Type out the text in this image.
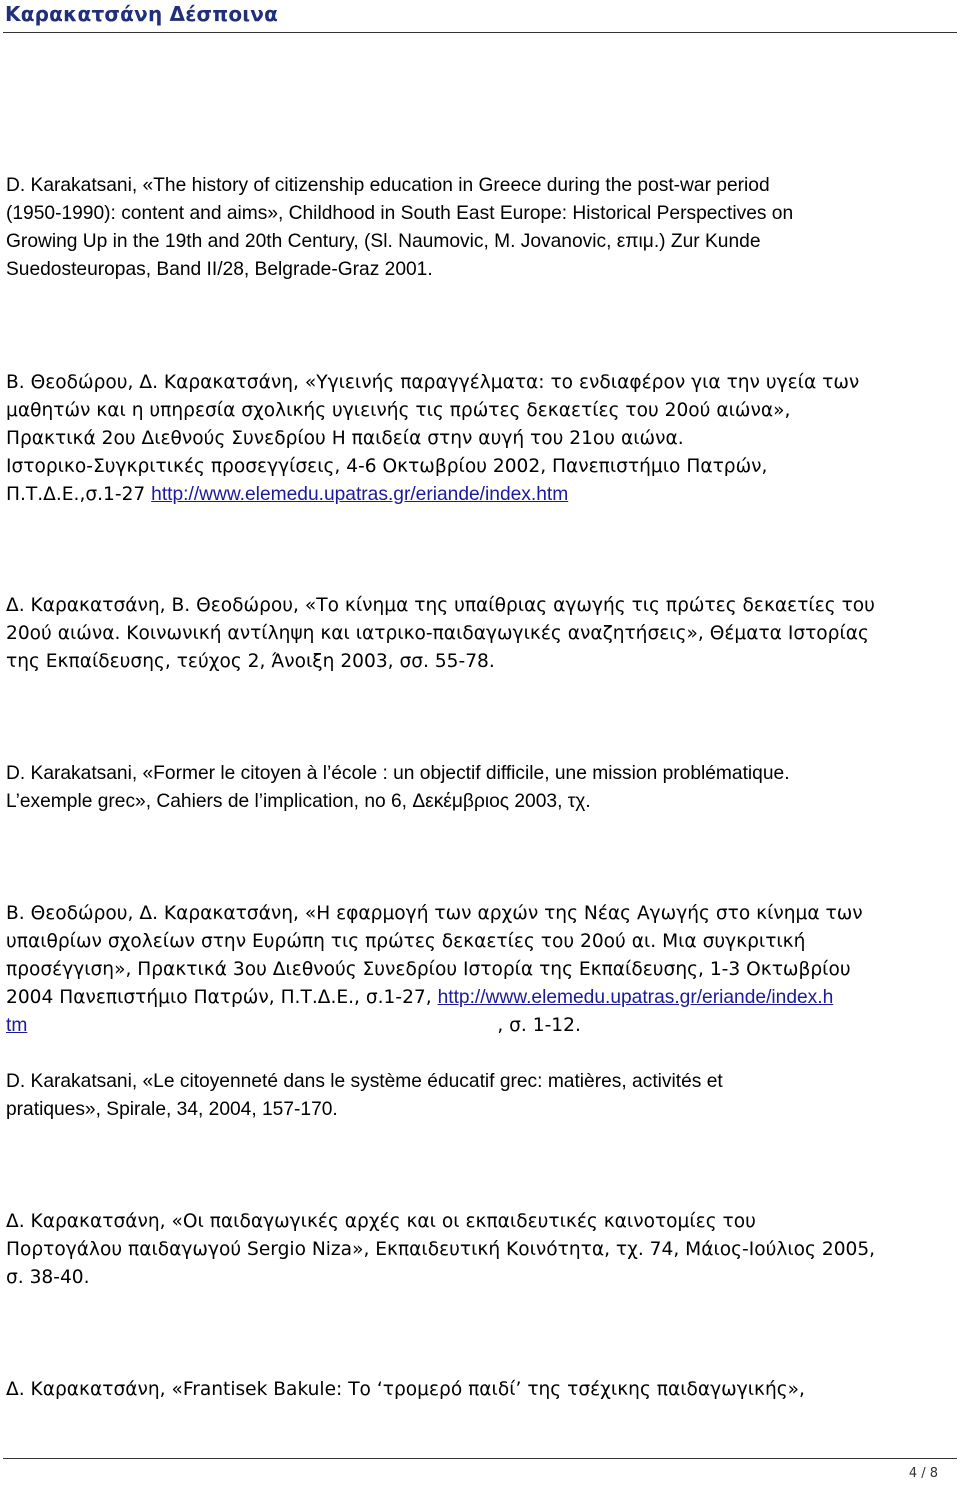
Καρακατσάνη Δέσποινα
D. Karakatsani, «The history of citizenship education in Greece during the post-war period
(1950-1990): content and aims», Childhood in South East Europe: Historical Perspectives on
Growing Up in the 19th and 20th Century, (Sl. Naumovic, M. Jovanovic, επιμ.) Zur Kunde
Suedosteuropas, Band II/28, Belgrade-Graz 2001.
Β. Θεοδώρου, Δ. Καρακατσάνη, «Υγιεινής παραγγέλματα: το ενδιαφέρον για την υγεία των
μαθητών και η υπηρεσία σχολικής υγιεινής τις πρώτες δεκαετίες του 20ού αιώνα»,
Πρακτικά 2ου Διεθνούς Συνεδρίου Η παιδεία στην αυγή του 21ου αιώνα.
Ιστορικο-Συγκριτικές προσεγγίσεις, 4-6 Οκτωβρίου 2002, Πανεπιστήμιο Πατρών,
Π.Τ.Δ.Ε.,σ.1-27 http://www.elemedu.upatras.gr/eriande/index.htm
Δ. Καρακατσάνη, Β. Θεοδώρου, «Το κίνημα της υπαίθριας αγωγής τις πρώτες δεκαετίες του
20ού αιώνα. Κοινωνική αντίληψη και ιατρικο-παιδαγωγικές αναζητήσεις», Θέματα Ιστορίας
της Εκπαίδευσης, τεύχος 2, Άνοιξη 2003, σσ. 55-78.
D. Karakatsani, «Former le citoyen à l’école : un objectif difficile, une mission problématique.
L’exemple grec», Cahiers de l’implication, no 6, Δεκέμβριος 2003, τχ.
Β. Θεοδώρου, Δ. Καρακατσάνη, «Η εφαρμογή των αρχών της Νέας Αγωγής στο κίνημα των
υπαιθρίων σχολείων στην Ευρώπη τις πρώτες δεκαετίες του 20ού αι. Μια συγκριτική
προσέγγιση», Πρακτικά 3ου Διεθνούς Συνεδρίου Ιστορία της Εκπαίδευσης, 1-3 Οκτωβρίου
2004 Πανεπιστήμιο Πατρών, Π.Τ.Δ.Ε., σ.1-27, http://www.elemedu.upatras.gr/eriande/index.h
tm	, σ. 1-12.
D. Karakatsani, «Le citoyenneté dans le système éducatif grec: matières, activités et
pratiques», Spirale, 34, 2004, 157-170.
Δ. Καρακατσάνη, «Οι παιδαγωγικές αρχές και οι εκπαιδευτικές καινοτομίες του
Πορτογάλου παιδαγωγού Sergio Niza», Εκπαιδευτική Κοινότητα, τχ. 74, Μάιος-Ιούλιος 2005,
σ. 38-40.
Δ. Καρακατσάνη, «Frantisek Bakule: Το ‘τρομερό παιδί’ της τσέχικης παιδαγωγικής»,
4 / 8
